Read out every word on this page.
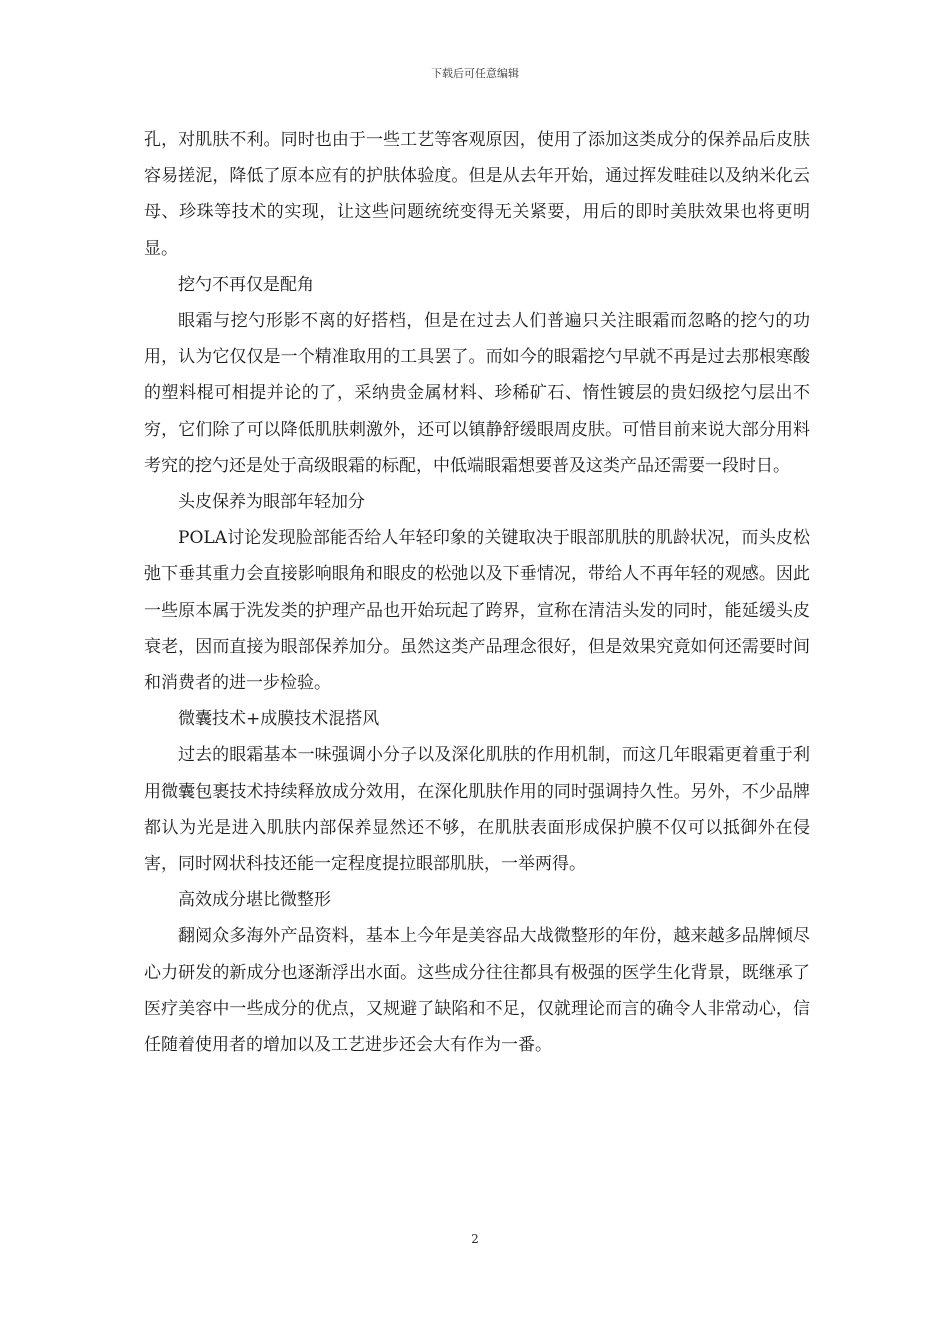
下载后可任意编辑

孔，对肌肤不利。同时也由于一些工艺等客观原因，使用了添加这类成分的保养品后皮肤容易搓泥，降低了原本应有的护肤体验度。但是从去年开始，通过挥发畦硅以及纳米化云母、珍珠等技术的实现，让这些问题统统变得无关紧要，用后的即时美肤效果也将更明显。

挖勺不再仅是配角

眼霜与挖勺形影不离的好搭档，但是在过去人们普遍只关注眼霜而忽略的挖勺的功用，认为它仅仅是一个精准取用的工具罢了。而如今的眼霜挖勺早就不再是过去那根寒酸的塑料棍可相提并论的了，采纳贵金属材料、珍稀矿石、惰性镀层的贵妇级挖勺层出不穷，它们除了可以降低肌肤刺激外，还可以镇静舒缓眼周皮肤。可惜目前来说大部分用料考究的挖勺还是处于高级眼霜的标配，中低端眼霜想要普及这类产品还需要一段时日。

头皮保养为眼部年轻加分

POLA讨论发现脸部能否给人年轻印象的关键取决于眼部肌肤的肌龄状况，而头皮松弛下垂其重力会直接影响眼角和眼皮的松弛以及下垂情况，带给人不再年轻的观感。因此一些原本属于洗发类的护理产品也开始玩起了跨界，宣称在清洁头发的同时，能延缓头皮衰老，因而直接为眼部保养加分。虽然这类产品理念很好，但是效果究竟如何还需要时间和消费者的进一步检验。

微囊技术+成膜技术混搭风

过去的眼霜基本一味强调小分子以及深化肌肤的作用机制，而这几年眼霜更着重于利用微囊包裹技术持续释放成分效用，在深化肌肤作用的同时强调持久性。另外，不少品牌都认为光是进入肌肤内部保养显然还不够，在肌肤表面形成保护膜不仅可以抵御外在侵害，同时网状科技还能一定程度提拉眼部肌肤，一举两得。

高效成分堪比微整形

翻阅众多海外产品资料，基本上今年是美容品大战微整形的年份，越来越多品牌倾尽心力研发的新成分也逐渐浮出水面。这些成分往往都具有极强的医学生化背景，既继承了医疗美容中一些成分的优点，又规避了缺陷和不足，仅就理论而言的确令人非常动心，信任随着使用者的增加以及工艺进步还会大有作为一番。

2
